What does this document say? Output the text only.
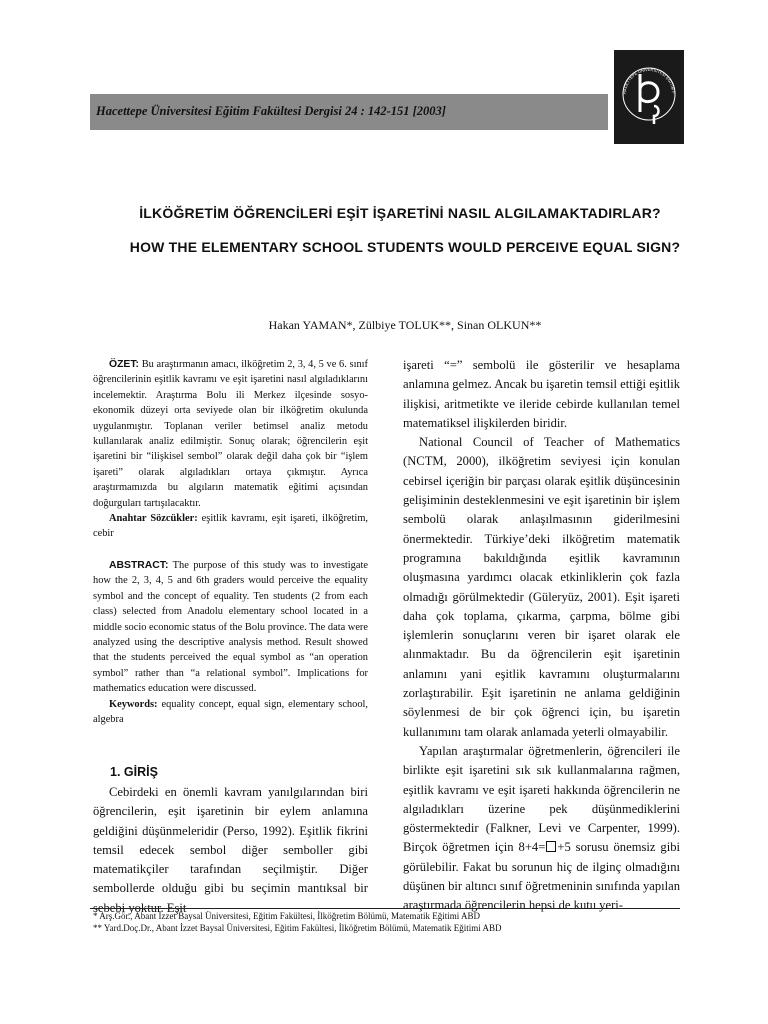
Hacettepe Üniversitesi Eğitim Fakültesi Dergisi 24 : 142-151 [2003]
HACETTEPE ÜNİVERSİTESİ EĞİTİM F
İLKÖĞRETİM ÖĞRENCİLERİ EŞİT İŞARETİNİ NASIL ALGILAMAKTADIRLAR?
HOW THE ELEMENTARY SCHOOL STUDENTS WOULD PERCEIVE EQUAL SIGN?
Hakan YAMAN*, Zülbiye TOLUK**, Sinan OLKUN**

ÖZET: Bu araştırmanın amacı, ilköğretim 2, 3, 4, 5 ve 6. sınıf öğrencilerinin eşitlik kavramı ve eşit işaretini nasıl algıladıklarını incelemektir. Araştırma Bolu ili Merkez ilçesinde sosyo-ekonomik düzeyi orta seviyede olan bir ilköğretim okulunda uygulanmıştır. Toplanan veriler betimsel analiz metodu kullanılarak analiz edilmiştir. Sonuç olarak; öğrencilerin eşit işaretini bir “ilişkisel sembol” olarak değil daha çok bir “işlem işareti” olarak algıladıkları ortaya çıkmıştır. Ayrıca araştırmamızda bu algıların matematik eğitimi açısından doğurguları tartışılacaktır.

Anahtar Sözcükler: eşitlik kavramı, eşit işareti, ilköğretim, cebir

ABSTRACT: The purpose of this study was to investigate how the 2, 3, 4, 5 and 6th graders would perceive the equality symbol and the concept of equality. Ten students (2 from each class) selected from Anadolu elementary school located in a middle socio economic status of the Bolu province. The data were analyzed using the descriptive analysis method. Result showed that the students perceived the equal symbol as “an operation symbol” rather than “a relational symbol”. Implications for mathematics education were discussed.

Keywords: equality concept, equal sign, elementary school, algebra

1. GİRİŞ

Cebirdeki en önemli kavram yanılgılarından biri öğrencilerin, eşit işaretinin bir eylem anlamına geldiğini düşünmeleridir (Perso, 1992). Eşitlik fikrini temsil edecek sembol diğer semboller gibi matematikçiler tarafından seçilmiştir. Diğer sembollerde olduğu gibi bu seçimin mantıksal bir sebebi yoktur. Eşit

işareti “=” sembolü ile gösterilir ve hesaplama anlamına gelmez. Ancak bu işaretin temsil ettiği eşitlik ilişkisi, aritmetikte ve ileride cebirde kullanılan temel matematiksel ilişkilerden biridir.

National Council of Teacher of Mathematics (NCTM, 2000), ilköğretim seviyesi için konulan cebirsel içeriğin bir parçası olarak eşitlik düşüncesinin gelişiminin desteklenmesini ve eşit işaretinin bir işlem sembolü olarak anlaşılmasının giderilmesini önermektedir. Türkiye’deki ilköğretim matematik programına bakıldığında eşitlik kavramının oluşmasına yardımcı olacak etkinliklerin çok fazla olmadığı görülmektedir (Güleryüz, 2001). Eşit işareti daha çok toplama, çıkarma, çarpma, bölme gibi işlemlerin sonuçlarını veren bir işaret olarak ele alınmaktadır. Bu da öğrencilerin eşit işaretinin anlamını yani eşitlik kavramını oluşturmalarını zorlaştırabilir. Eşit işaretinin ne anlama geldiğinin söylenmesi de bir çok öğrenci için, bu işaretin kullanımını tam olarak anlamada yeterli olmayabilir.

Yapılan araştırmalar öğretmenlerin, öğrencileri ile birlikte eşit işaretini sık sık kullanmalarına rağmen, eşitlik kavramı ve eşit işareti hakkında öğrencilerin ne algıladıkları üzerine pek düşünmediklerini göstermektedir (Falkner, Levi ve Carpenter, 1999). Birçok öğretmen için 8+4= +5 sorusu önemsiz gibi görülebilir. Fakat bu sorunun hiç de ilginç olmadığını düşünen bir altıncı sınıf öğretmeninin sınıfında yapılan araştırmada öğrencilerin hepsi de kutu yeri-

* Arş.Gör., Abant İzzet Baysal Üniversitesi, Eğitim Fakültesi, İlköğretim Bölümü, Matematik Eğitimi ABD

** Yard.Doç.Dr., Abant İzzet Baysal Üniversitesi, Eğitim Fakültesi, İlköğretim Bölümü, Matematik Eğitimi ABD
